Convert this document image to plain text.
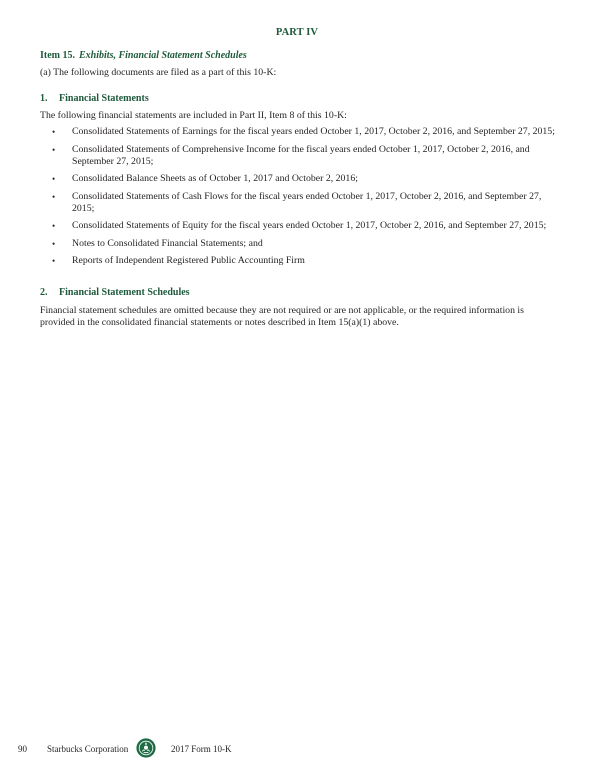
PART IV
Item 15. Exhibits, Financial Statement Schedules
(a) The following documents are filed as a part of this 10-K:
1. Financial Statements
The following financial statements are included in Part II, Item 8 of this 10-K:
• Consolidated Statements of Earnings for the fiscal years ended October 1, 2017, October 2, 2016, and September 27, 2015;
• Consolidated Statements of Comprehensive Income for the fiscal years ended October 1, 2017, October 2, 2016, and September 27, 2015;
• Consolidated Balance Sheets as of October 1, 2017 and October 2, 2016;
• Consolidated Statements of Cash Flows for the fiscal years ended October 1, 2017, October 2, 2016, and September 27, 2015;
• Consolidated Statements of Equity for the fiscal years ended October 1, 2017, October 2, 2016, and September 27, 2015;
• Notes to Consolidated Financial Statements; and
• Reports of Independent Registered Public Accounting Firm
2. Financial Statement Schedules
Financial statement schedules are omitted because they are not required or are not applicable, or the required information is provided in the consolidated financial statements or notes described in Item 15(a)(1) above.
90 Starbucks Corporation	2017 Form 10-K
